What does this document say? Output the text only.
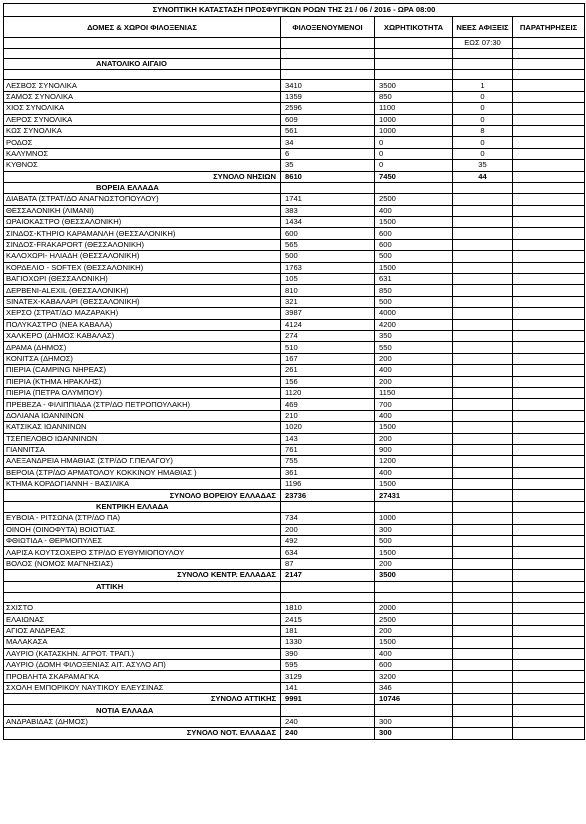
ΣΥΝΟΠΤΙΚΗ ΚΑΤΑΣΤΑΣΗ ΠΡΟΣΦΥΓΙΚΩΝ ΡΟΩΝ ΤΗΣ 21 / 06 / 2016 - ΩΡΑ 08:00				
ΔΟΜΕΣ & ΧΩΡΟΙ ΦΙΛΟΞΕΝΙΑΣ	ΦΙΛΟΞΕΝΟΥΜΕΝΟΙ	ΧΩΡΗΤΙΚΟΤΗΤΑ	ΝΕΕΣ ΑΦΙΞΕΙΣ	ΠΑΡΑΤΗΡΗΣΕΙΣ
			ΕΩΣ 07:30	

ΑΝΑΤΟΛΙΚΟ ΑΙΓΑΙΟ				

ΛΕΣΒΟΣ ΣΥΝΟΛΙΚΑ	3410	3500	1	
ΣΑΜΟΣ ΣΥΝΟΛΙΚΑ	1359	850	0	
ΧΙΟΣ ΣΥΝΟΛΙΚΑ	2596	1100	0	
ΛΕΡΟΣ ΣΥΝΟΛΙΚΑ	609	1000	0	
ΚΩΣ ΣΥΝΟΛΙΚΑ	561	1000	8	
ΡΟΔΟΣ	34	0	0	
ΚΑΛΥΜΝΟΣ	6	0	0	
ΚΥΘΝΟΣ	35	0	35	
ΣΥΝΟΛΟ ΝΗΣΙΩΝ	8610	7450	44	
ΒΟΡΕΙΑ ΕΛΛΑΔΑ				
ΔΙΑΒΑΤΑ (ΣΤΡΑΤ/ΔΟ ΑΝΑΓΝΩΣΤΟΠΟΥΛΟΥ)	1741	2500		
ΘΕΣΣΑΛΟΝΙΚΗ (ΛΙΜΑΝΙ)	383	400		
ΩΡΑΙΟΚΑΣΤΡΟ (ΘΕΣΣΑΛΟΝΙΚΗ)	1434	1500		
ΣΙΝΔΟΣ-ΚΤΗΡΙΟ ΚΑΡΑΜΑΝΛΗ (ΘΕΣΣΑΛΟΝΙΚΗ)	600	600		
ΣΙΝΔΟΣ-FRAKAPORT (ΘΕΣΣΑΛΟΝΙΚΗ)	565	600		
ΚΑΛΟΧΩΡΙ- ΗΛΙΑΔΗ (ΘΕΣΣΑΛΟΝΙΚΗ)	500	500		
ΚΟΡΔΕΛΙΟ - SOFTEX (ΘΕΣΣΑΛΟΝΙΚΗ)	1763	1500		
ΒΑΓΙΟΧΩΡΙ (ΘΕΣΣΑΛΟΝΙΚΗ)	105	631		
ΔΕΡΒΕΝΙ-ALEXIL (ΘΕΣΣΑΛΟΝΙΚΗ)	810	850		
SINATEX-ΚΑΒΑΛΑΡΙ (ΘΕΣΣΑΛΟΝΙΚΗ)	321	500		
ΧΕΡΣΟ (ΣΤΡΑΤ/ΔΟ ΜΑΖΑΡΑΚΗ)	3987	4000		
ΠΟΛΥΚΑΣΤΡΟ (ΝΕΑ ΚΑΒΑΛΑ)	4124	4200		
ΧΑΛΚΕΡΟ (ΔΗΜΟΣ ΚΑΒΑΛΑΣ)	274	350		
ΔΡΑΜΑ (ΔΗΜΟΣ)	510	550		
ΚΟΝΙΤΣΑ (ΔΗΜΟΣ)	167	200		
ΠΙΕΡΙΑ (CAMPING ΝΗΡΕΑΣ)	261	400		
ΠΙΕΡΙΑ (ΚΤΗΜΑ ΗΡΑΚΛΗΣ)	156	200		
ΠΙΕΡΙΑ (ΠΕΤΡΑ ΟΛΥΜΠΟΥ)	1120	1150		
ΠΡΕΒΕΖΑ - ΦΙΛΙΠΠΙΑΔΑ (ΣΤΡ/ΔΟ ΠΕΤΡΟΠΟΥΛΑΚΗ)	469	700		
ΔΟΛΙΑΝΑ ΙΩΑΝΝΙΝΩΝ	210	400		
ΚΑΤΣΙΚΑΣ ΙΩΑΝΝΙΝΩΝ	1020	1500		
ΤΣΕΠΕΛΟΒΟ ΙΩΑΝΝΙΝΩΝ	143	200		
ΓΙΑΝΝΙΤΣΑ	761	900		
ΑΛΕΞΑΝΔΡΕΙΑ ΗΜΑΘΙΑΣ (ΣΤΡ/ΔΟ Γ.ΠΕΛΑΓΟΥ)	755	1200		
ΒΕΡΟΙΑ (ΣΤΡ/ΔΟ ΑΡΜΑΤΟΛΟΥ ΚΟΚΚΙΝΟΥ ΗΜΑΘΙΑΣ )	361	400		
ΚΤΗΜΑ ΚΟΡΔΟΓΙΑΝΝΗ - ΒΑΣΙΛΙΚΑ	1196	1500		
ΣΥΝΟΛΟ ΒΟΡΕΙΟΥ ΕΛΛΑΔΑΣ	23736	27431		
ΚΕΝΤΡΙΚΗ ΕΛΛΑΔΑ				
ΕΥΒΟΙΑ - ΡΙΤΣΩΝΑ (ΣΤΡ/ΔΟ ΠΑ)	734	1000		
ΟΙΝΟΗ (ΟΙΝΟΦΥΤΑ) ΒΟΙΩΤΙΑΣ	200	300		
ΦΘΙΩΤΙΔΑ - ΘΕΡΜΟΠΥΛΕΣ	492	500		
ΛΑΡΙΣΑ ΚΟΥΤΣΟΧΕΡΟ ΣΤΡ/ΔΟ ΕΥΘΥΜΙΟΠΟΥΛΟΥ	634	1500		
ΒΟΛΟΣ (ΝΟΜΟΣ ΜΑΓΝΗΣΙΑΣ)	87	200		
ΣΥΝΟΛΟ ΚΕΝΤΡ. ΕΛΛΑΔΑΣ	2147	3500		
ΑΤΤΙΚΗ				

ΣΧΙΣΤΟ	1810	2000		
ΕΛΑΙΩΝΑΣ	2415	2500		
ΑΓΙΟΣ ΑΝΔΡΕΑΣ	181	200		
ΜΑΛΑΚΑΣΑ	1330	1500		
ΛΑΥΡΙΟ (ΚΑΤΑΣΚΗΝ. ΑΓΡΟΤ. ΤΡΑΠ.)	390	400		
ΛΑΥΡΙΟ (ΔΟΜΗ ΦΙΛΟΞΕΝΙΑΣ ΑΙΤ. ΑΣΥΛΟ ΑΠ)	595	600		
ΠΡΟΒΛΗΤΑ ΣΚΑΡΑΜΑΓΚΑ	3129	3200		
ΣΧΟΛΗ ΕΜΠΟΡΙΚΟΥ ΝΑΥΤΙΚΟΥ ΕΛΕΥΣΙΝΑΣ	141	346		
ΣΥΝΟΛΟ ΑΤΤΙΚΗΣ	9991	10746		
ΝΟΤΙΑ ΕΛΛΑΔΑ				
ΑΝΔΡΑΒΙΔΑΣ (ΔΗΜΟΣ)	240	300		
ΣΥΝΟΛΟ ΝΟΤ. ΕΛΛΑΔΑΣ	240	300		
